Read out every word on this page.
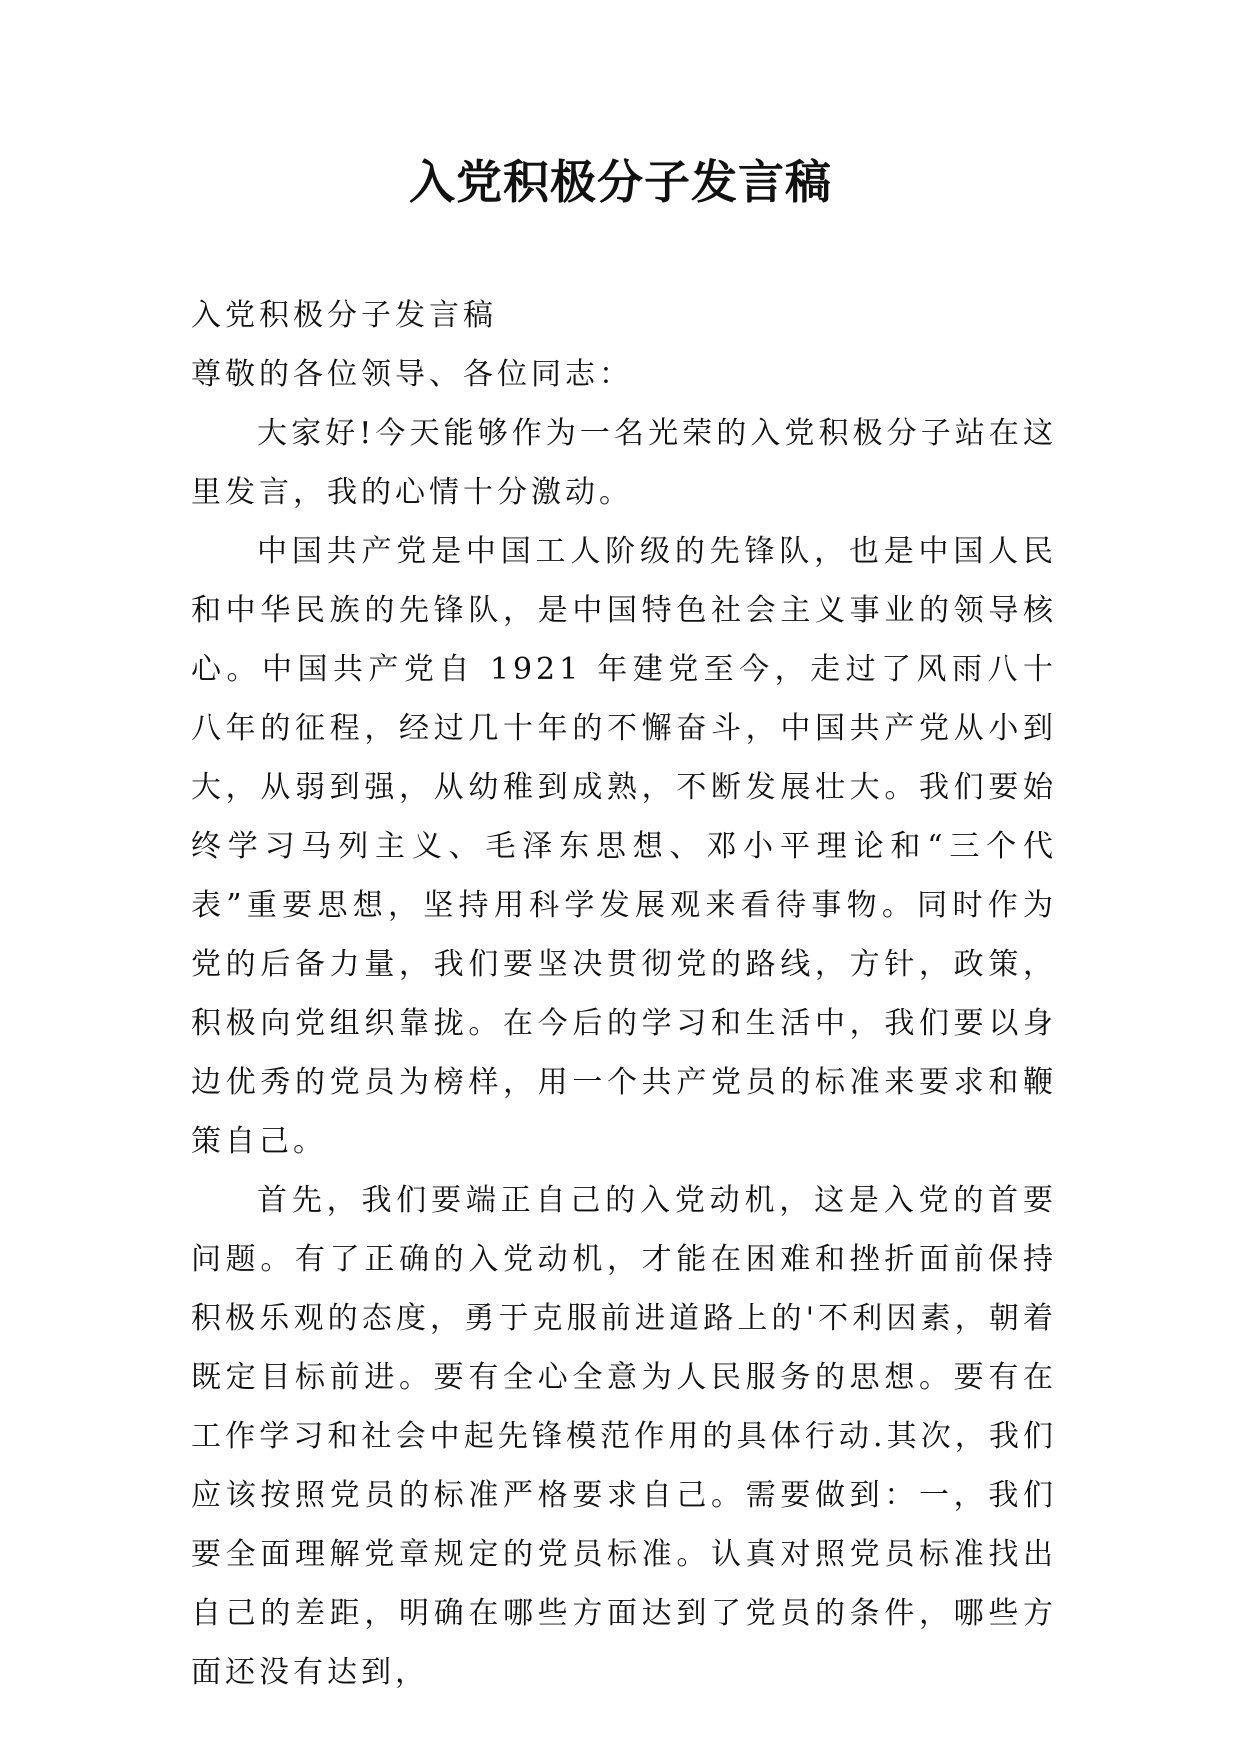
入党积极分子发言稿

入党积极分子发言稿

尊敬的各位领导、各位同志：

大家好!今天能够作为一名光荣的入党积极分子站在这里发言，我的心情十分激动。

中国共产党是中国工人阶级的先锋队，也是中国人民和中华民族的先锋队，是中国特色社会主义事业的领导核心。中国共产党自 1921 年建党至今，走过了风雨八十八年的征程，经过几十年的不懈奋斗，中国共产党从小到大，从弱到强，从幼稚到成熟，不断发展壮大。我们要始终学习马列主义、毛泽东思想、邓小平理论和“三个代表”重要思想，坚持用科学发展观来看待事物。同时作为党的后备力量，我们要坚决贯彻党的路线，方针，政策，积极向党组织靠拢。在今后的学习和生活中，我们要以身边优秀的党员为榜样，用一个共产党员的标准来要求和鞭策自己。

首先，我们要端正自己的入党动机，这是入党的首要问题。有了正确的入党动机，才能在困难和挫折面前保持积极乐观的态度，勇于克服前进道路上的'不利因素，朝着既定目标前进。要有全心全意为人民服务的思想。要有在工作学习和社会中起先锋模范作用的具体行动.其次，我们应该按照党员的标准严格要求自己。需要做到：一，我们要全面理解党章规定的党员标准。认真对照党员标准找出自己的差距，明确在哪些方面达到了党员的条件，哪些方面还没有达到，
